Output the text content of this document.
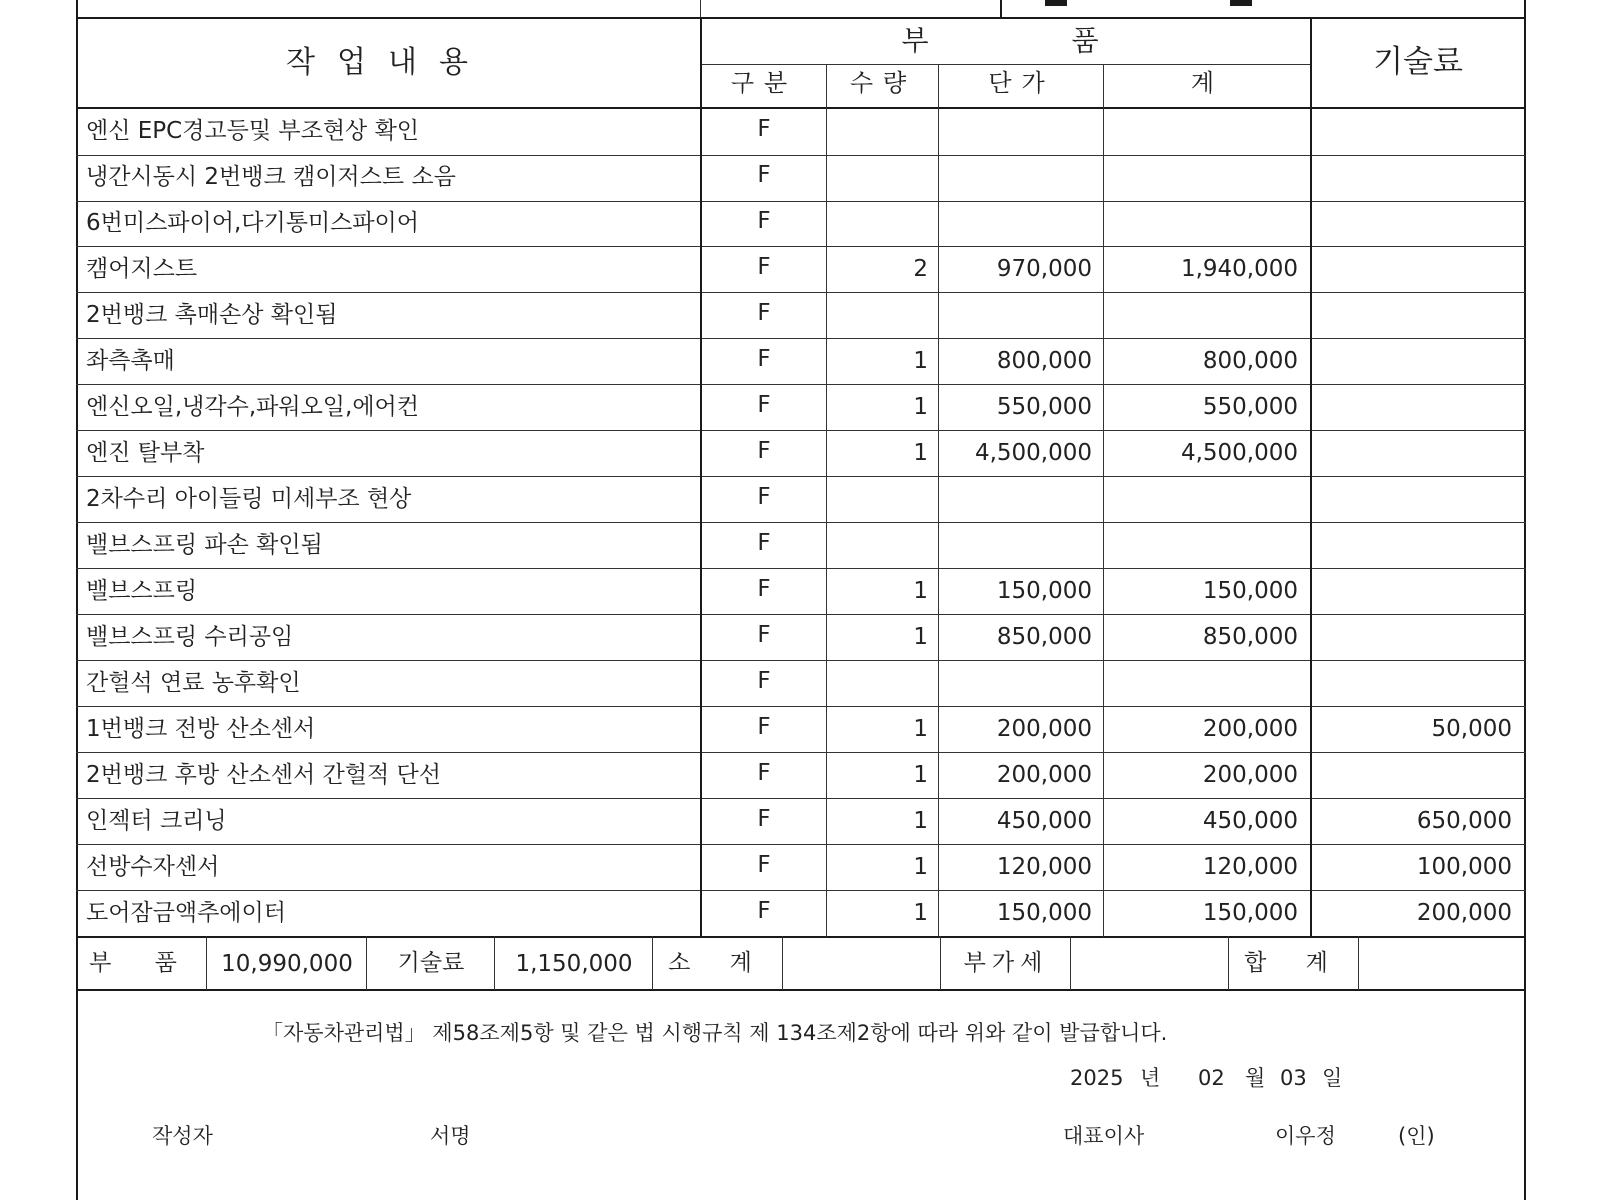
작업내용
부	품
기술료
구분	수량	단가	계
엔신 EPC경고등및 부조현상 확인	F
냉간시동시 2번뱅크 캠이저스트 소음	F
6번미스파이어,다기통미스파이어	F
캠어지스트	F	2	970,000	1,940,000
2번뱅크 촉매손상 확인됨	F
좌측촉매	F	1	800,000	800,000
엔신오일,냉각수,파워오일,에어컨	F	1	550,000	550,000
엔진 탈부착	F	1	4,500,000	4,500,000
2차수리 아이들링 미세부조 현상	F
밸브스프링 파손 확인됨	F
밸브스프링	F	1	150,000	150,000
밸브스프링 수리공임	F	1	850,000	850,000
간헐석 연료 농후확인	F
1번뱅크 전방 산소센서	F	1	200,000	200,000	50,000
2번뱅크 후방 산소센서 간헐적 단선	F	1	200,000	200,000
인젝터 크리닝	F	1	450,000	450,000	650,000
선방수자센서	F	1	120,000	120,000	100,000
도어잠금액추에이터	F	1	150,000	150,000	200,000
부 품	10,990,000	기술료	1,150,000	소 계	부가세	합 계
「자동차관리법」 제58조제5항 및 같은 법 시행규칙 제 134조제2항에 따라 위와 같이 발급합니다.
2025 년 02 월 03 일
작성자	서명	대표이사	이우정	(인)
